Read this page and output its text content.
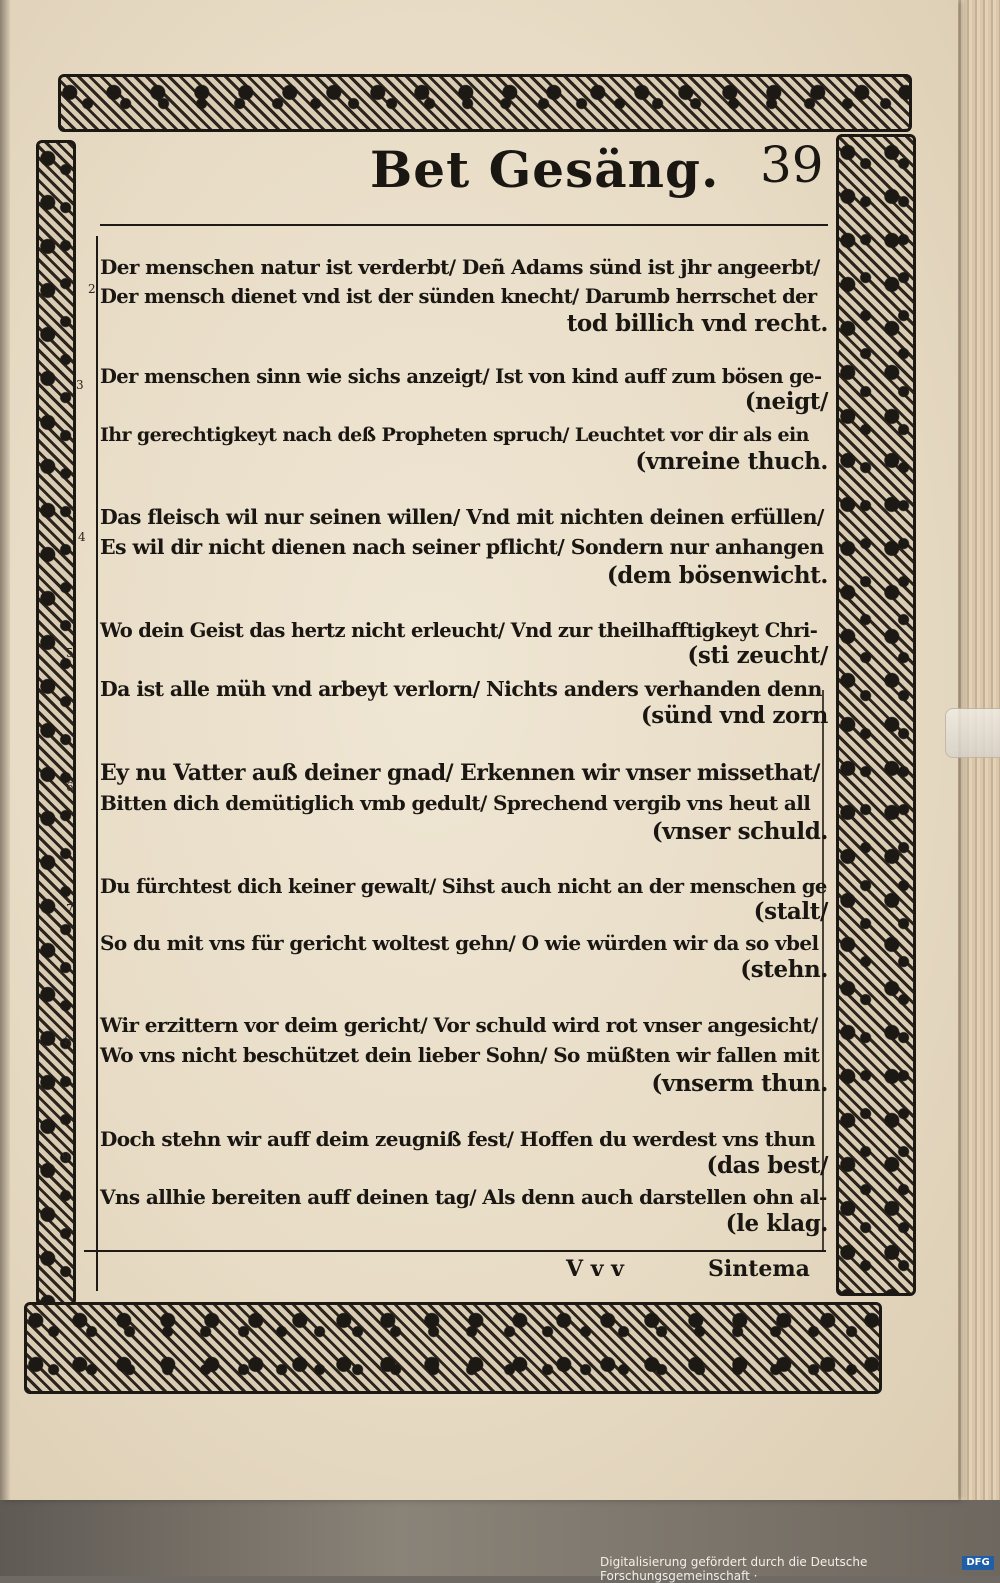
Bet Gesäng. 39
2
Der menschen natur ist verderbt/ Deñ Adams sünd ist jhr angeerbt/
Der mensch dienet vnd ist der sünden knecht/ Darumb herrschet der
tod billich vnd recht.
3 Der menschen sinn wie sichs anzeigt/ Ist von kind auff zum bösen ge-
(neigt/
Ihr gerechtigkeyt nach deß Propheten spruch/ Leuchtet vor dir als ein
(vnreine thuch.
4
Das fleisch wil nur seinen willen/ Vnd mit nichten deinen erfüllen/
Es wil dir nicht dienen nach seiner pflicht/ Sondern nur anhangen
(dem bösenwicht.
5
Wo dein Geist das hertz nicht erleucht/ Vnd zur theilhafftigkeyt Chri-
(sti zeucht/
Da ist alle müh vnd arbeyt verlorn/ Nichts anders verhanden denn
(sünd vnd zorn
6
Ey nu Vatter auß deiner gnad/ Erkennen wir vnser missethat/
Bitten dich demütiglich vmb gedult/ Sprechend vergib vns heut all
(vnser schuld.
7
Du fürchtest dich keiner gewalt/ Sihst auch nicht an der menschen ge
(stalt/
So du mit vns für gericht woltest gehn/ O wie würden wir da so vbel
(stehn.
8
Wir erzittern vor deim gericht/ Vor schuld wird rot vnser angesicht/
Wo vns nicht beschützet dein lieber Sohn/ So müßten wir fallen mit
(vnserm thun.
9
Doch stehn wir auff deim zeugniß fest/ Hoffen du werdest vns thun
(das best/
Vns allhie bereiten auff deinen tag/ Als denn auch darstellen ohn al-
(le klag.
V v v	Sintema
Digitalisierung gefördert durch die Deutsche Forschungsgemeinschaft ·
DFG
